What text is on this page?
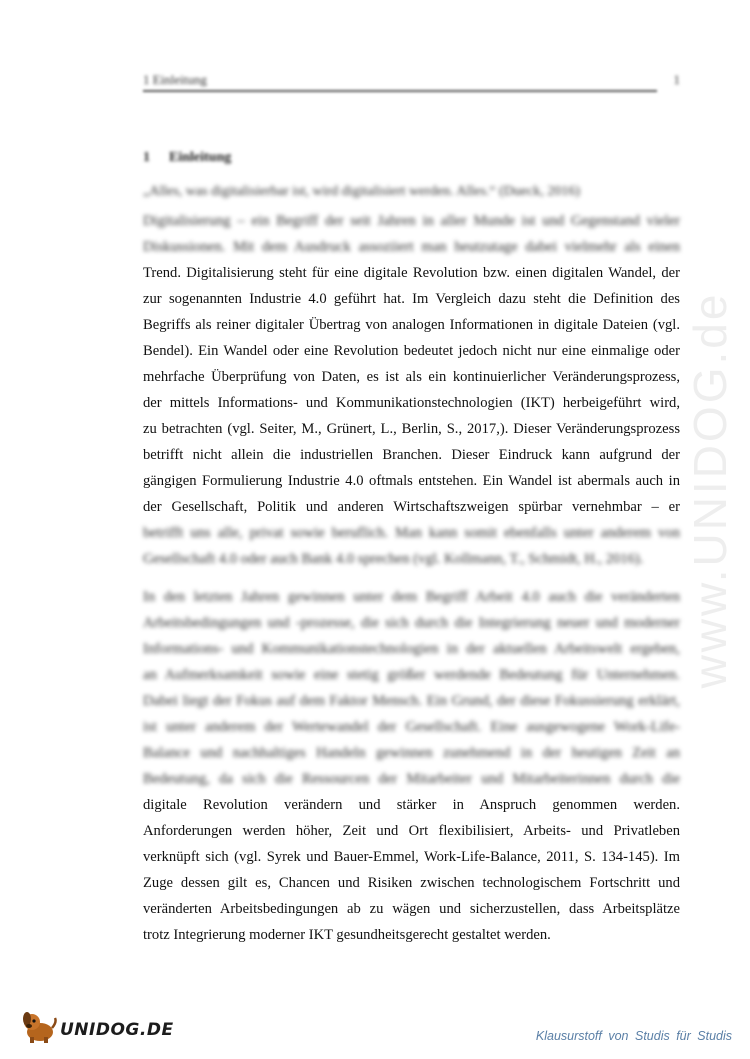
1 Einleitung	1
1 Einleitung
„Alles, was digitalisierbar ist, wird digitalisiert werden. Alles.“ (Dueck, 2016)
Digitalisierung – ein Begriff der seit Jahren in aller Munde ist und Gegenstand vieler
Diskussionen. Mit dem Ausdruck assoziiert man heutzutage dabei vielmehr als einen
Trend. Digitalisierung steht für eine digitale Revolution bzw. einen digitalen Wandel, der
zur sogenannten Industrie 4.0 geführt hat. Im Vergleich dazu steht die Definition des
Begriffs als reiner digitaler Übertrag von analogen Informationen in digitale Dateien (vgl.
Bendel). Ein Wandel oder eine Revolution bedeutet jedoch nicht nur eine einmalige oder
mehrfache Überprüfung von Daten, es ist als ein kontinuierlicher Veränderungsprozess,
der mittels Informations- und Kommunikationstechnologien (IKT) herbeigeführt wird,
zu betrachten (vgl. Seiter, M., Grünert, L., Berlin, S., 2017,). Dieser Veränderungsprozess
betrifft nicht allein die industriellen Branchen. Dieser Eindruck kann aufgrund der
gängigen Formulierung Industrie 4.0 oftmals entstehen. Ein Wandel ist abermals auch in
der Gesellschaft, Politik und anderen Wirtschaftszweigen spürbar vernehmbar – er
betrifft uns alle, privat sowie beruflich. Man kann somit ebenfalls unter anderem von
Gesellschaft 4.0 oder auch Bank 4.0 sprechen (vgl. Kollmann, T., Schmidt, H., 2016).
In den letzten Jahren gewinnen unter dem Begriff Arbeit 4.0 auch die veränderten
Arbeitsbedingungen und -prozesse, die sich durch die Integrierung neuer und moderner
Informations- und Kommunikationstechnologien in der aktuellen Arbeitswelt ergeben,
an Aufmerksamkeit sowie eine stetig größer werdende Bedeutung für Unternehmen.
Dabei liegt der Fokus auf dem Faktor Mensch. Ein Grund, der diese Fokussierung erklärt,
ist unter anderem der Wertewandel der Gesellschaft. Eine ausgewogene Work-Life-
Balance und nachhaltiges Handeln gewinnen zunehmend in der heutigen Zeit an
Bedeutung, da sich die Ressourcen der Mitarbeiter und Mitarbeiterinnen durch die
digitale Revolution verändern und stärker in Anspruch genommen werden.
Anforderungen werden höher, Zeit und Ort flexibilisiert, Arbeits- und Privatleben
verknüpft sich (vgl. Syrek und Bauer-Emmel, Work-Life-Balance, 2011, S. 134-145). Im
Zuge dessen gilt es, Chancen und Risiken zwischen technologischem Fortschritt und
veränderten Arbeitsbedingungen ab zu wägen und sicherzustellen, dass Arbeitsplätze
trotz Integrierung moderner IKT gesundheitsgerecht gestaltet werden.
www.UNIDOG.de
UNIDOG.DE	Klausurstoff von Studis für Studis
